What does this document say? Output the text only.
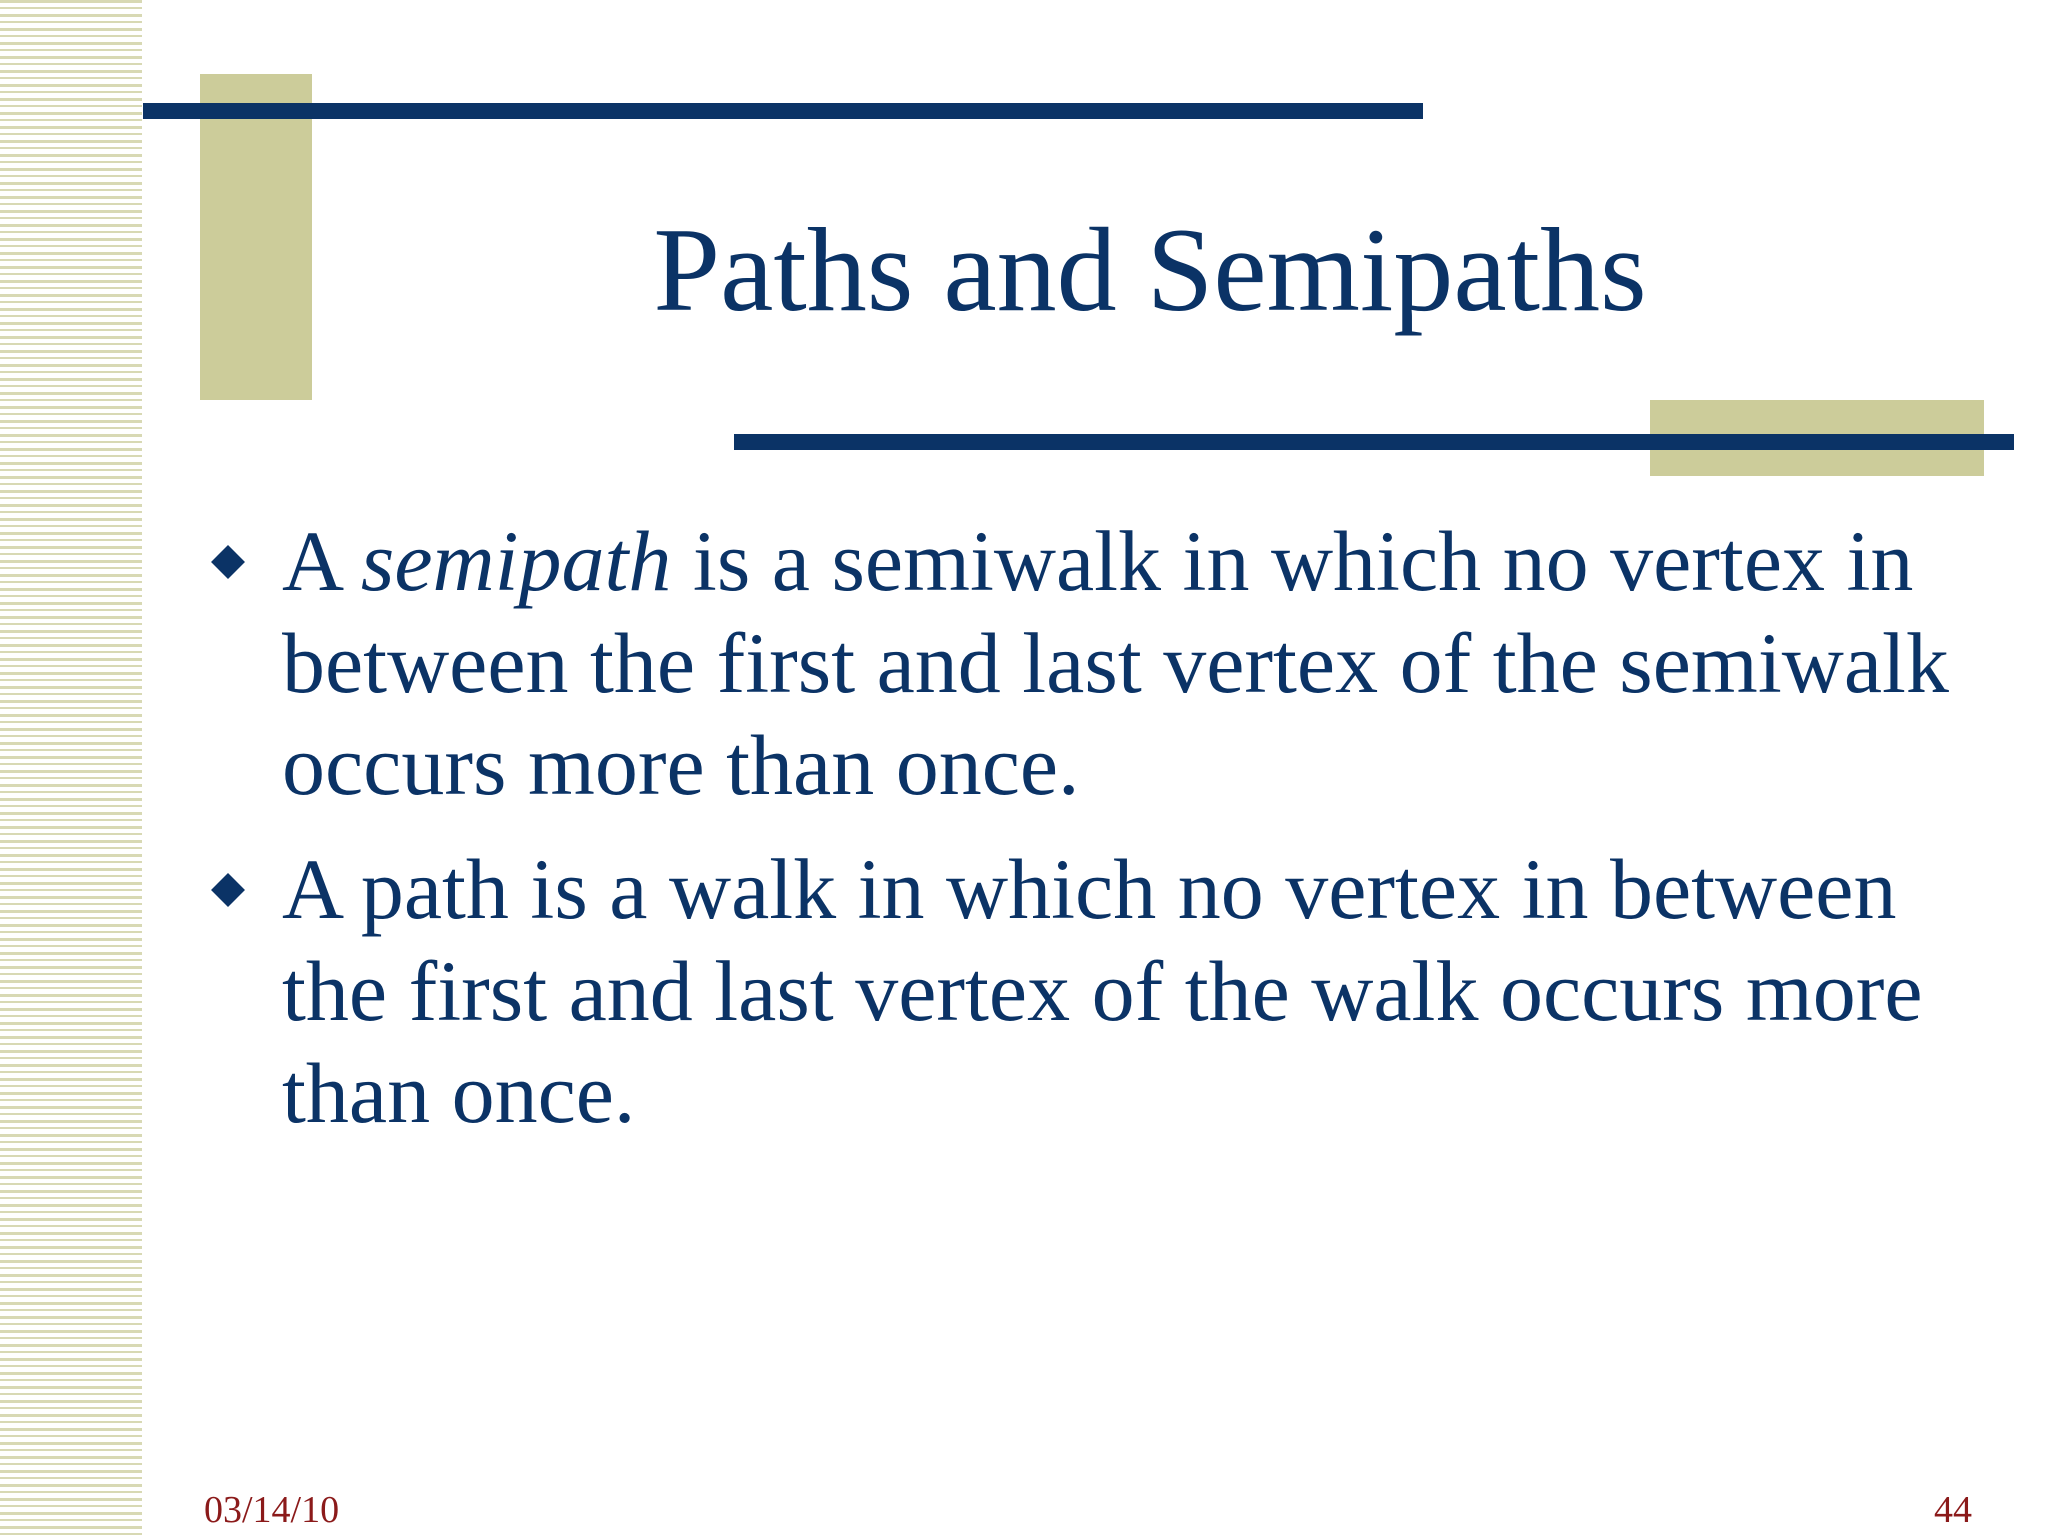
Paths and Semipaths
A semipath is a semiwalk in which no vertex in between the first and last vertex of the semiwalk occurs more than once.
A path is a walk in which no vertex in between the first and last vertex of the walk occurs more than once.
03/14/10	44
